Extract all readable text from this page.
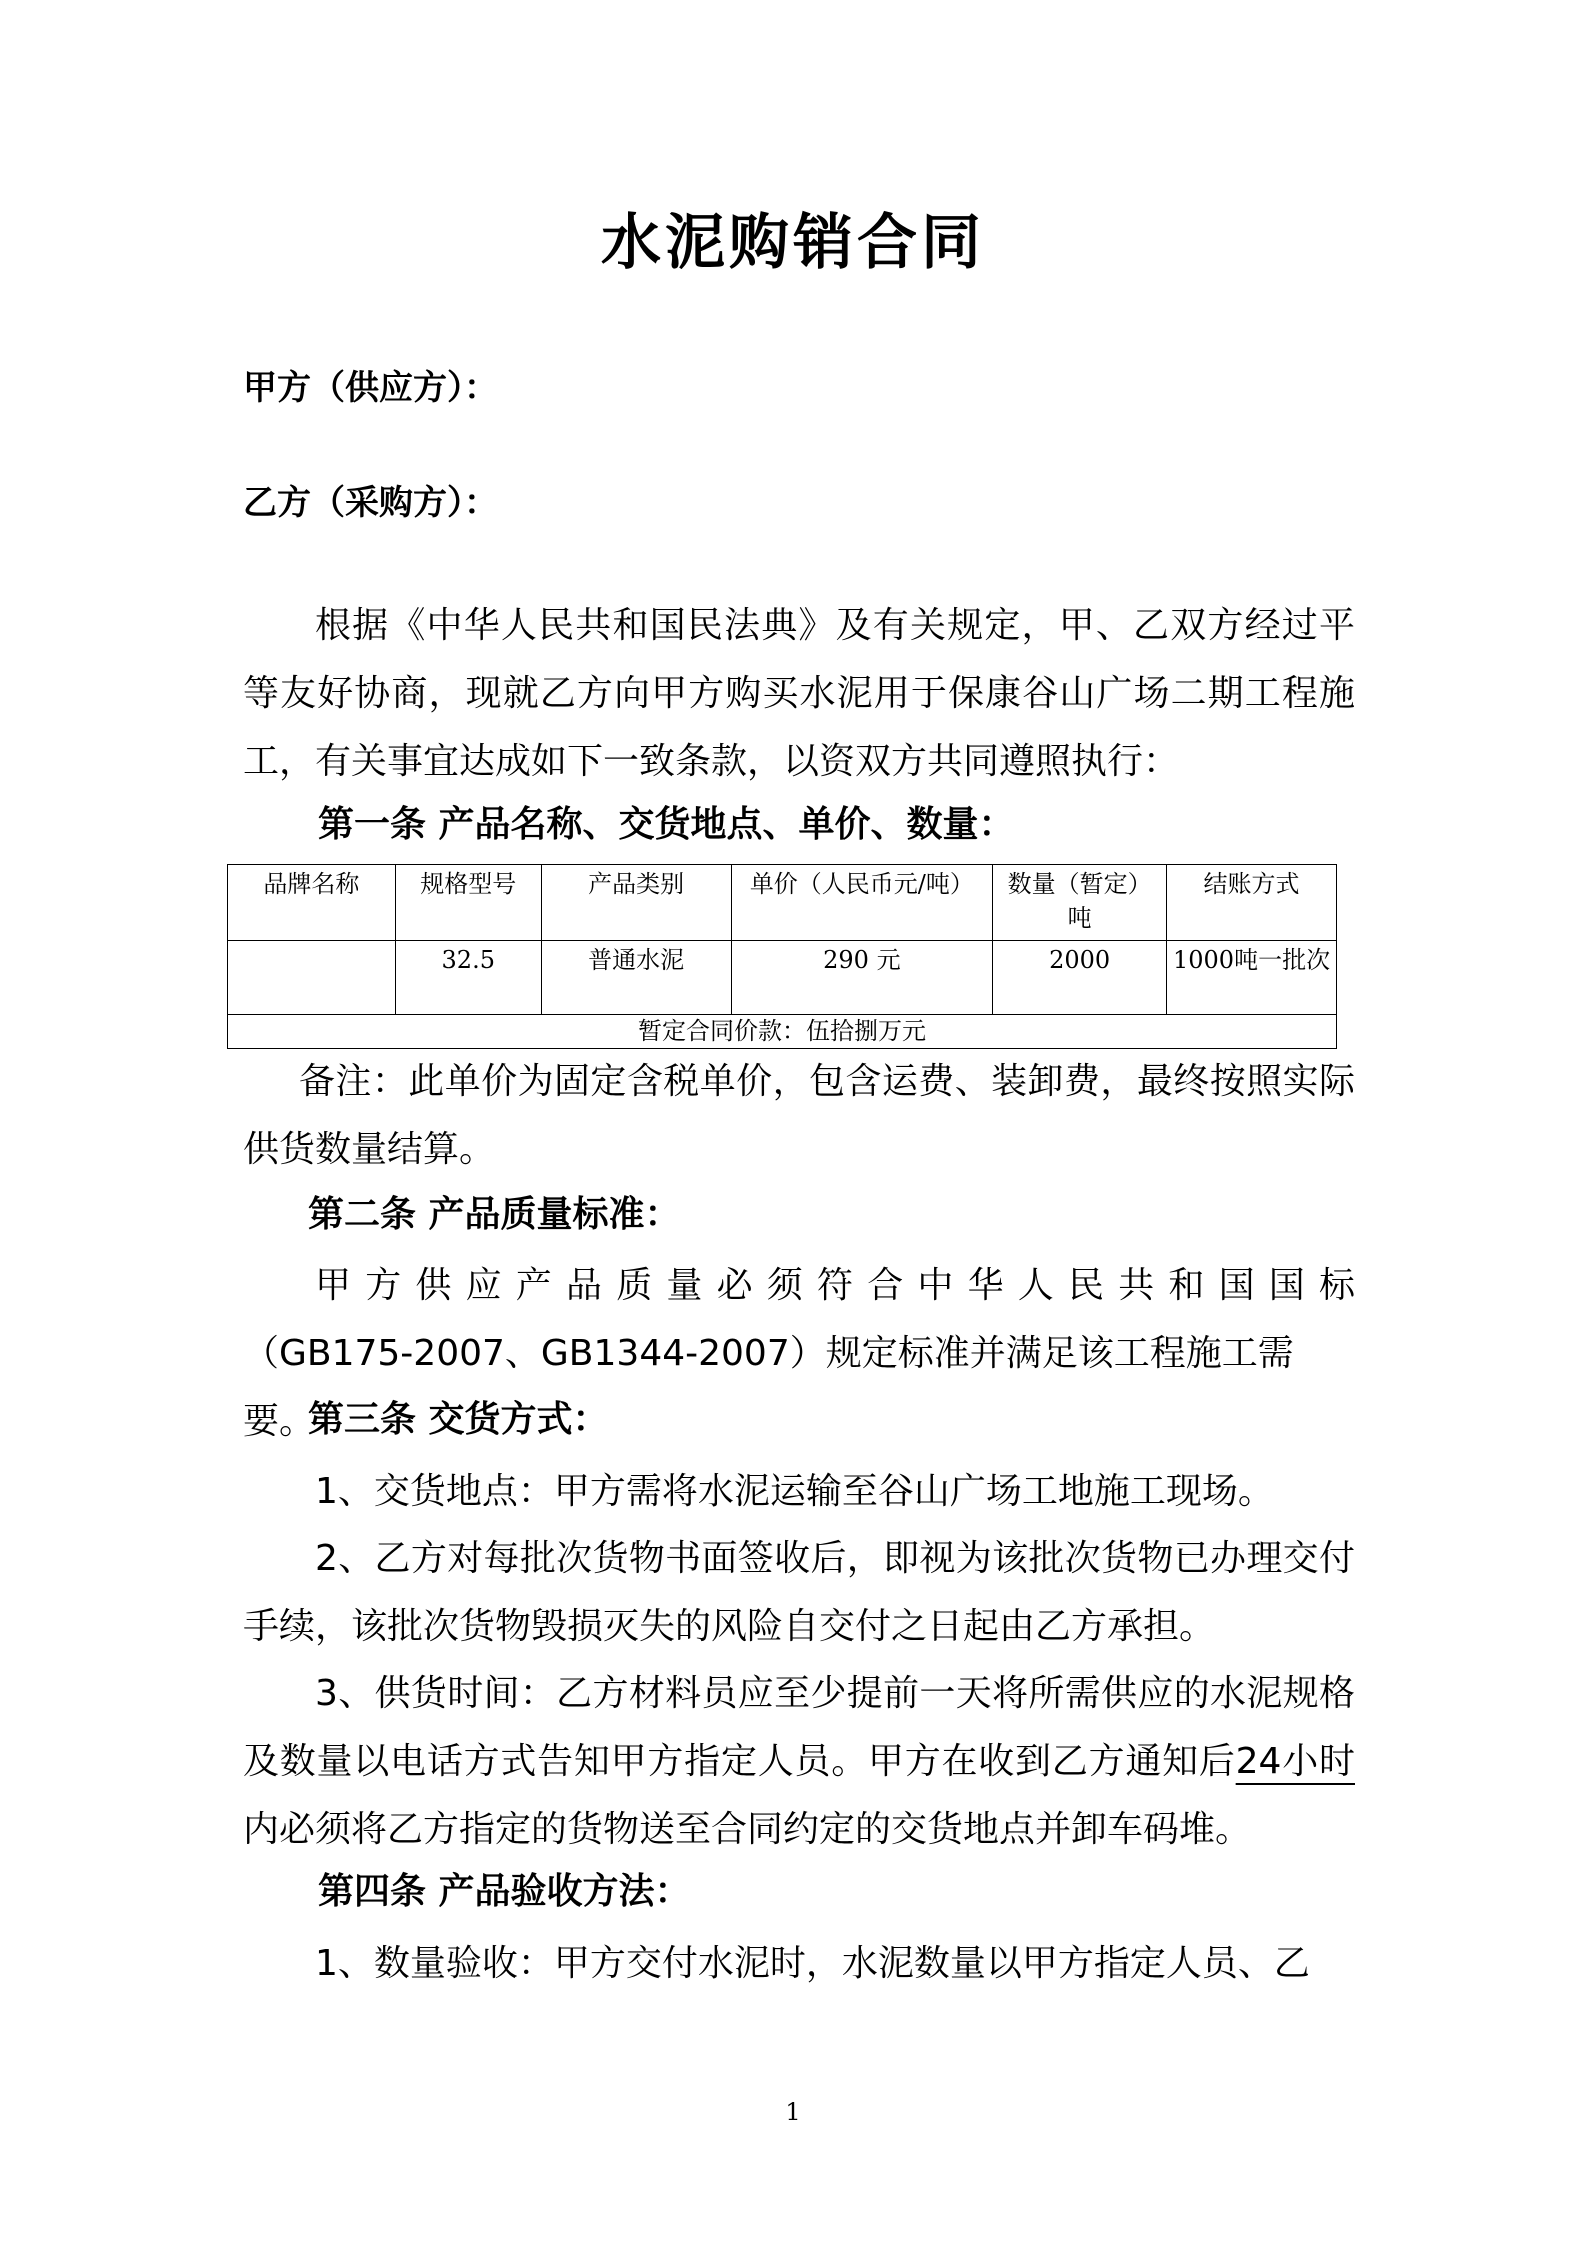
水泥购销合同
甲方（供应方）：
乙方（采购方）：
根据《中华人民共和国民法典》及有关规定，甲、乙双方经过平等友好协商，现就乙方向甲方购买水泥用于保康谷山广场二期工程施工，有关事宜达成如下一致条款，以资双方共同遵照执行：
第一条 产品名称、交货地点、单价、数量：
品牌名称	规格型号	产品类别	单价（人民币元/吨）	数量（暂定）吨	结账方式
	32.5	普通水泥	290 元	2000	1000吨一批次
暂定合同价款：伍拾捌万元					
备注：此单价为固定含税单价，包含运费、装卸费，最终按照实际供货数量结算。
第二条 产品质量标准：
甲方供应产品质量必须符合中华人民共和国国标
（GB175-2007、GB1344-2007）规定标准并满足该工程施工需要。
第三条 交货方式：
1、交货地点：甲方需将水泥运输至谷山广场工地施工现场。
2、乙方对每批次货物书面签收后，即视为该批次货物已办理交付手续，该批次货物毁损灭失的风险自交付之日起由乙方承担。
3、供货时间：乙方材料员应至少提前一天将所需供应的水泥规格及数量以电话方式告知甲方指定人员。甲方在收到乙方通知后24小时内必须将乙方指定的货物送至合同约定的交货地点并卸车码堆。
第四条 产品验收方法：
1、数量验收：甲方交付水泥时，水泥数量以甲方指定人员、乙
1
